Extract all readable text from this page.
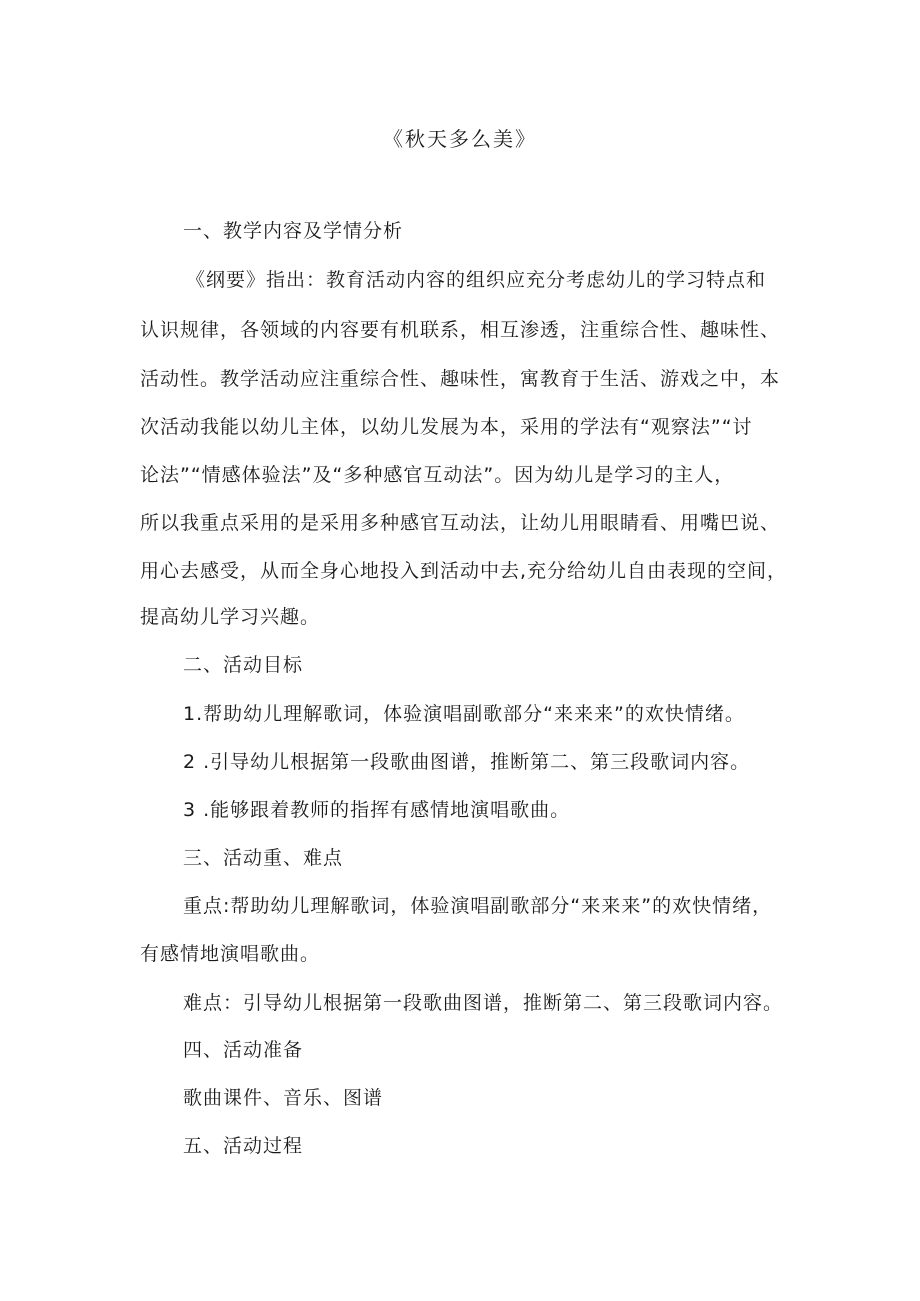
《秋天多么美》
一、教学内容及学情分析
《纲要》指出：教育活动内容的组织应充分考虑幼儿的学习特点和
认识规律，各领域的内容要有机联系，相互渗透，注重综合性、趣味性、
活动性。教学活动应注重综合性、趣味性，寓教育于生活、游戏之中，本
次活动我能以幼儿主体，以幼儿发展为本，采用的学法有“观察法”“讨
论法”“情感体验法”及“多种感官互动法”。因为幼儿是学习的主人，
所以我重点采用的是采用多种感官互动法，让幼儿用眼睛看、用嘴巴说、
用心去感受，从而全身心地投入到活动中去,充分给幼儿自由表现的空间，
提高幼儿学习兴趣。
二、活动目标
1.帮助幼儿理解歌词，体验演唱副歌部分“来来来”的欢快情绪。
2 .引导幼儿根据第一段歌曲图谱，推断第二、第三段歌词内容。
3 .能够跟着教师的指挥有感情地演唱歌曲。
三、活动重、难点
重点:帮助幼儿理解歌词，体验演唱副歌部分“来来来”的欢快情绪，
有感情地演唱歌曲。
难点：引导幼儿根据第一段歌曲图谱，推断第二、第三段歌词内容。
四、活动准备
歌曲课件、音乐、图谱
五、活动过程
